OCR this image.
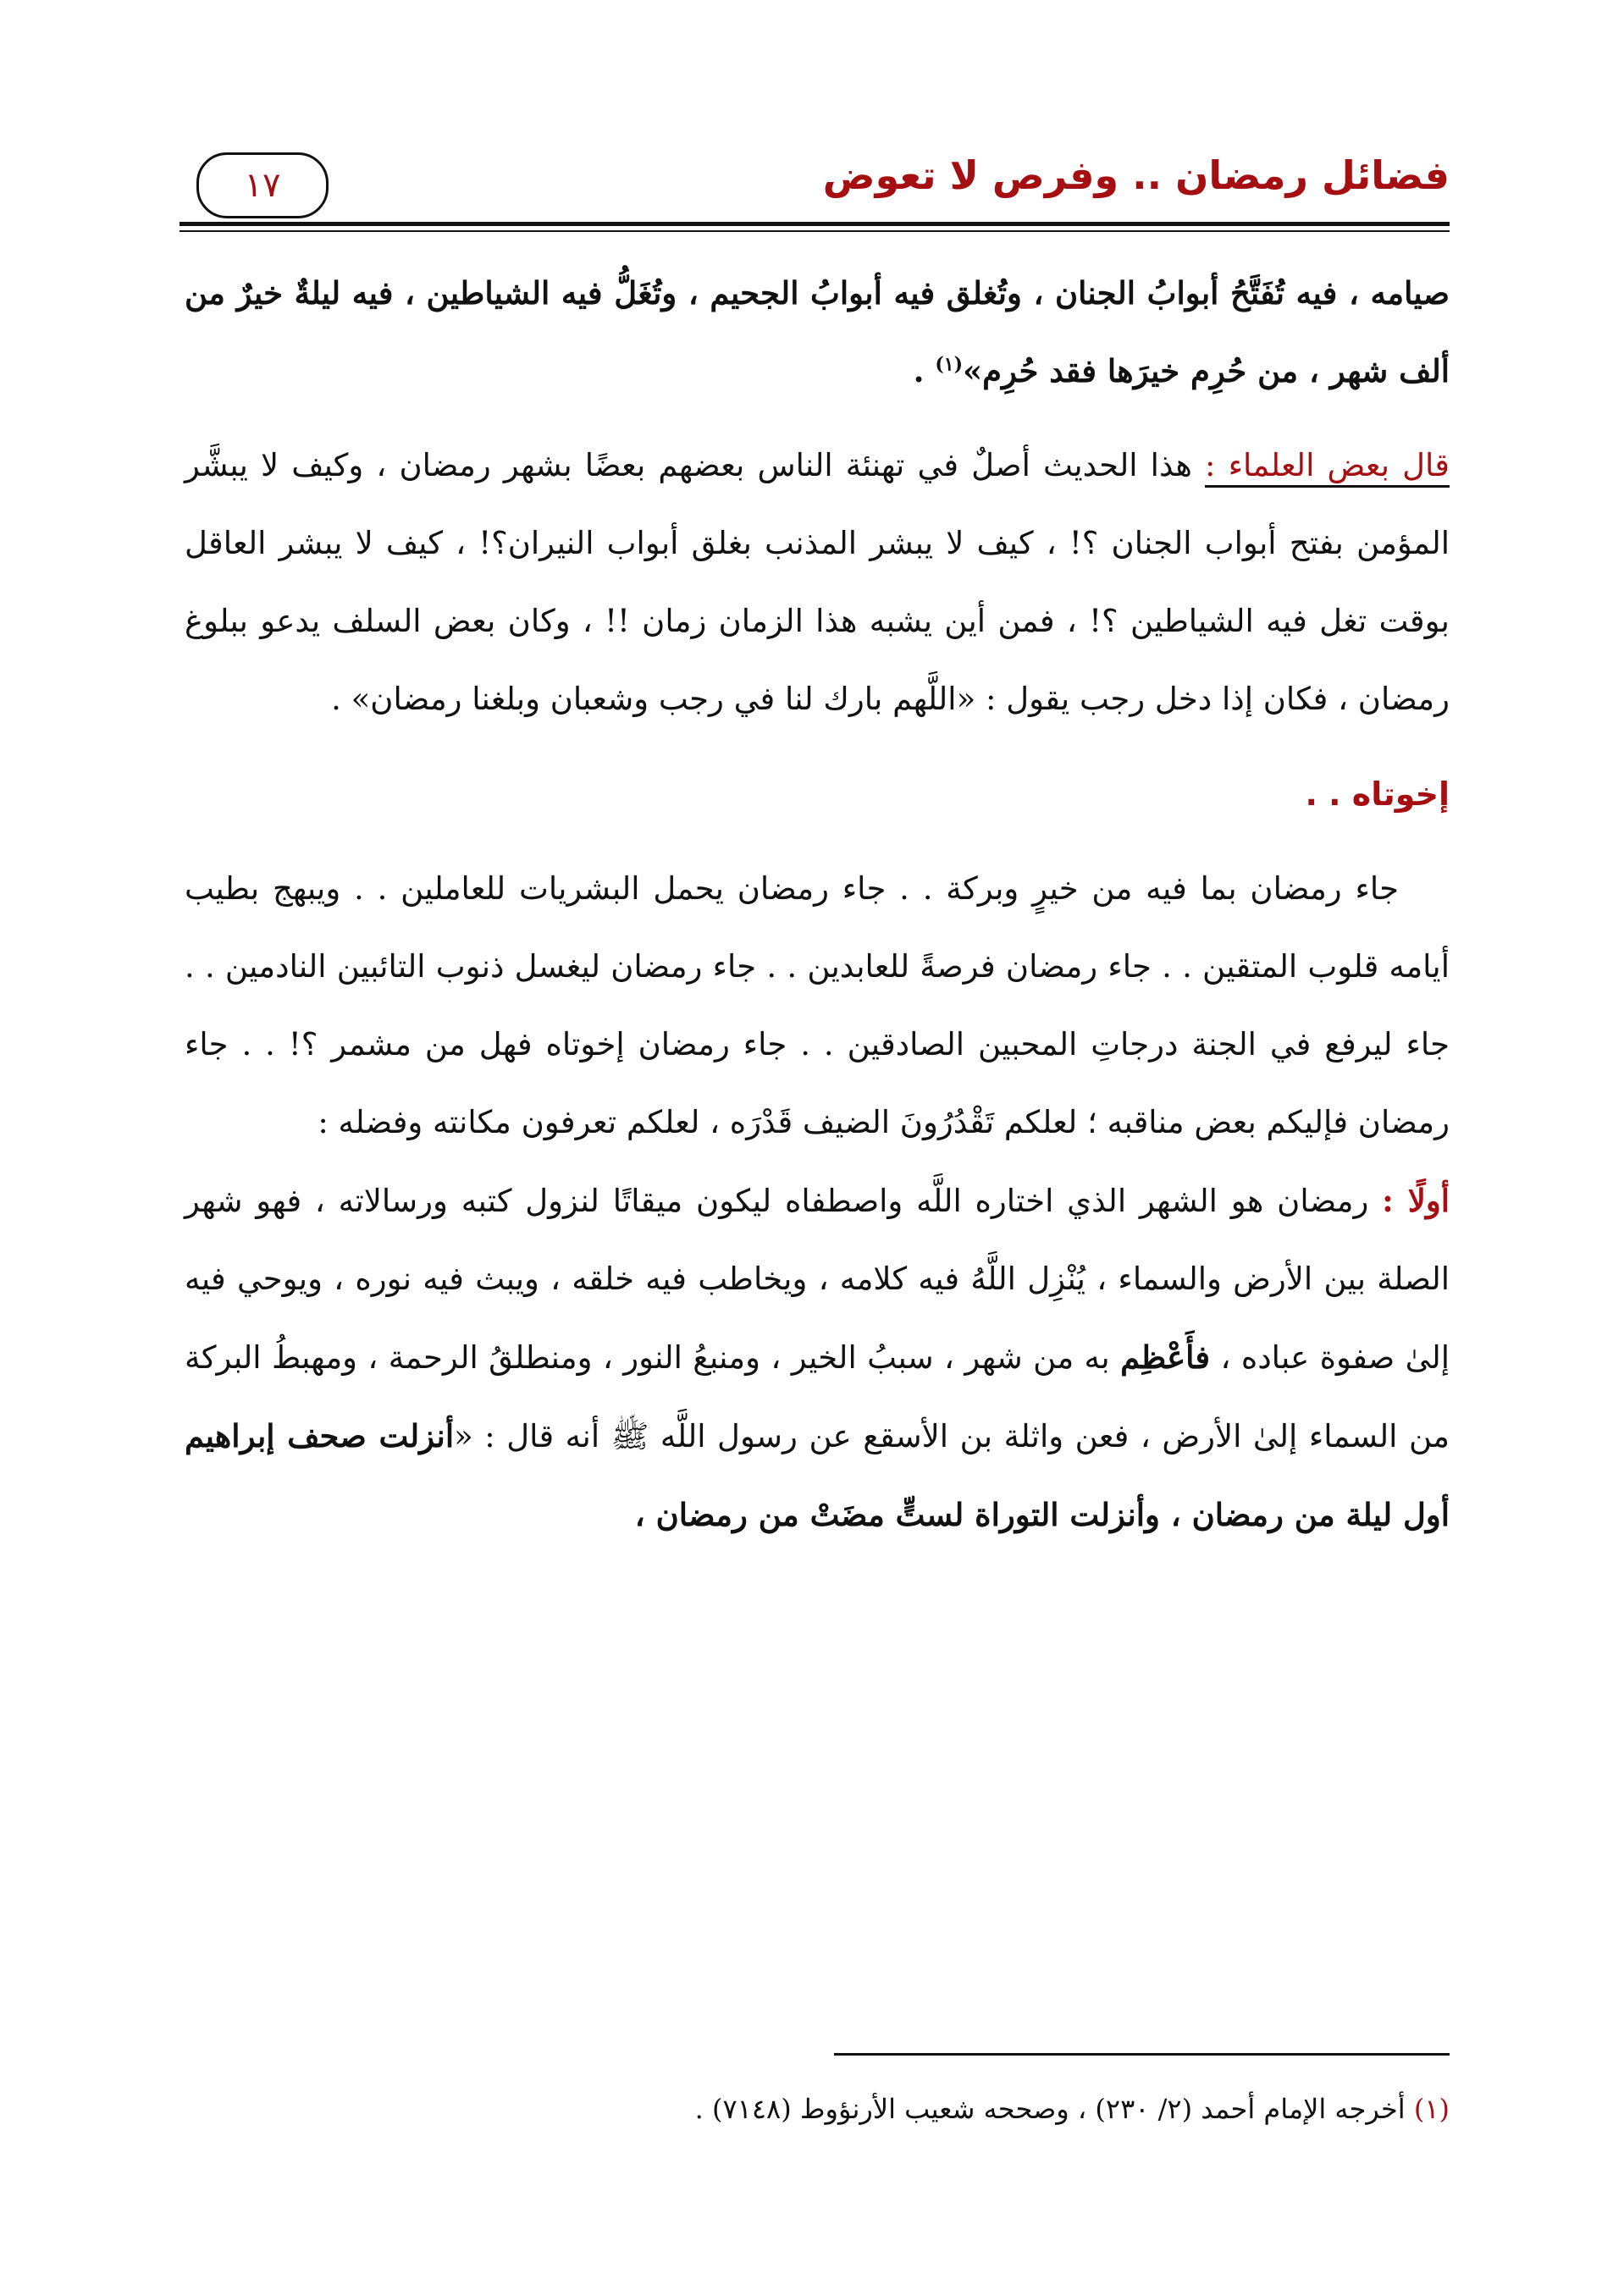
فضائل رمضان .. وفرص لا تعوض
١٧

صيامه ، فيه تُفَتَّحُ أبوابُ الجنان ، وتُغلق فيه أبوابُ الجحيم ، وتُغَلُّ فيه الشياطين ، فيه ليلةٌ خيرٌ من ألف شهر ، من حُرِم خيرَها فقد حُرِم»$^{(١)}$ .

قال بعض العلماء : هذا الحديث أصلٌ في تهنئة الناس بعضهم بعضًا بشهر رمضان ، وكيف لا يبشَّر المؤمن بفتح أبواب الجنان ؟! ، كيف لا يبشر المذنب بغلق أبواب النيران؟! ، كيف لا يبشر العاقل بوقت تغل فيه الشياطين ؟! ، فمن أين يشبه هذا الزمان زمان !! ، وكان بعض السلف يدعو ببلوغ رمضان ، فكان إذا دخل رجب يقول : «اللَّهم بارك لنا في رجب وشعبان وبلغنا رمضان» .

إخوتاه . .

جاء رمضان بما فيه من خيرٍ وبركة . . جاء رمضان يحمل البشريات للعاملين . . ويبهج بطيب أيامه قلوب المتقين . . جاء رمضان فرصةً للعابدين . . جاء رمضان ليغسل ذنوب التائبين النادمين . . جاء ليرفع في الجنة درجاتِ المحبين الصادقين . . جاء رمضان إخوتاه فهل من مشمر ؟! . . جاء رمضان فإليكم بعض مناقبه ؛ لعلكم تَقْدُرُونَ الضيف قَدْرَه ، لعلكم تعرفون مكانته وفضله :

أولًا : رمضان هو الشهر الذي اختاره اللَّه واصطفاه ليكون ميقاتًا لنزول كتبه ورسالاته ، فهو شهر الصلة بين الأرض والسماء ، يُنْزِل اللَّهُ فيه كلامه ، ويخاطب فيه خلقه ، ويبث فيه نوره ، ويوحي فيه إلىٰ صفوة عباده ، فأَعْظِم به من شهر ، سببُ الخير ، ومنبعُ النور ، ومنطلقُ الرحمة ، ومهبطُ البركة من السماء إلىٰ الأرض ، فعن واثلة بن الأسقع عن رسول اللَّه ﷺ أنه قال : «أنزلت صحف إبراهيم أول ليلة من رمضان ، وأنزلت التوراة لستٍّ مضَتْ من رمضان ،

(١) أخرجه الإمام أحمد (٢/ ٢٣٠) ، وصححه شعيب الأرنؤوط (٧١٤٨) .
